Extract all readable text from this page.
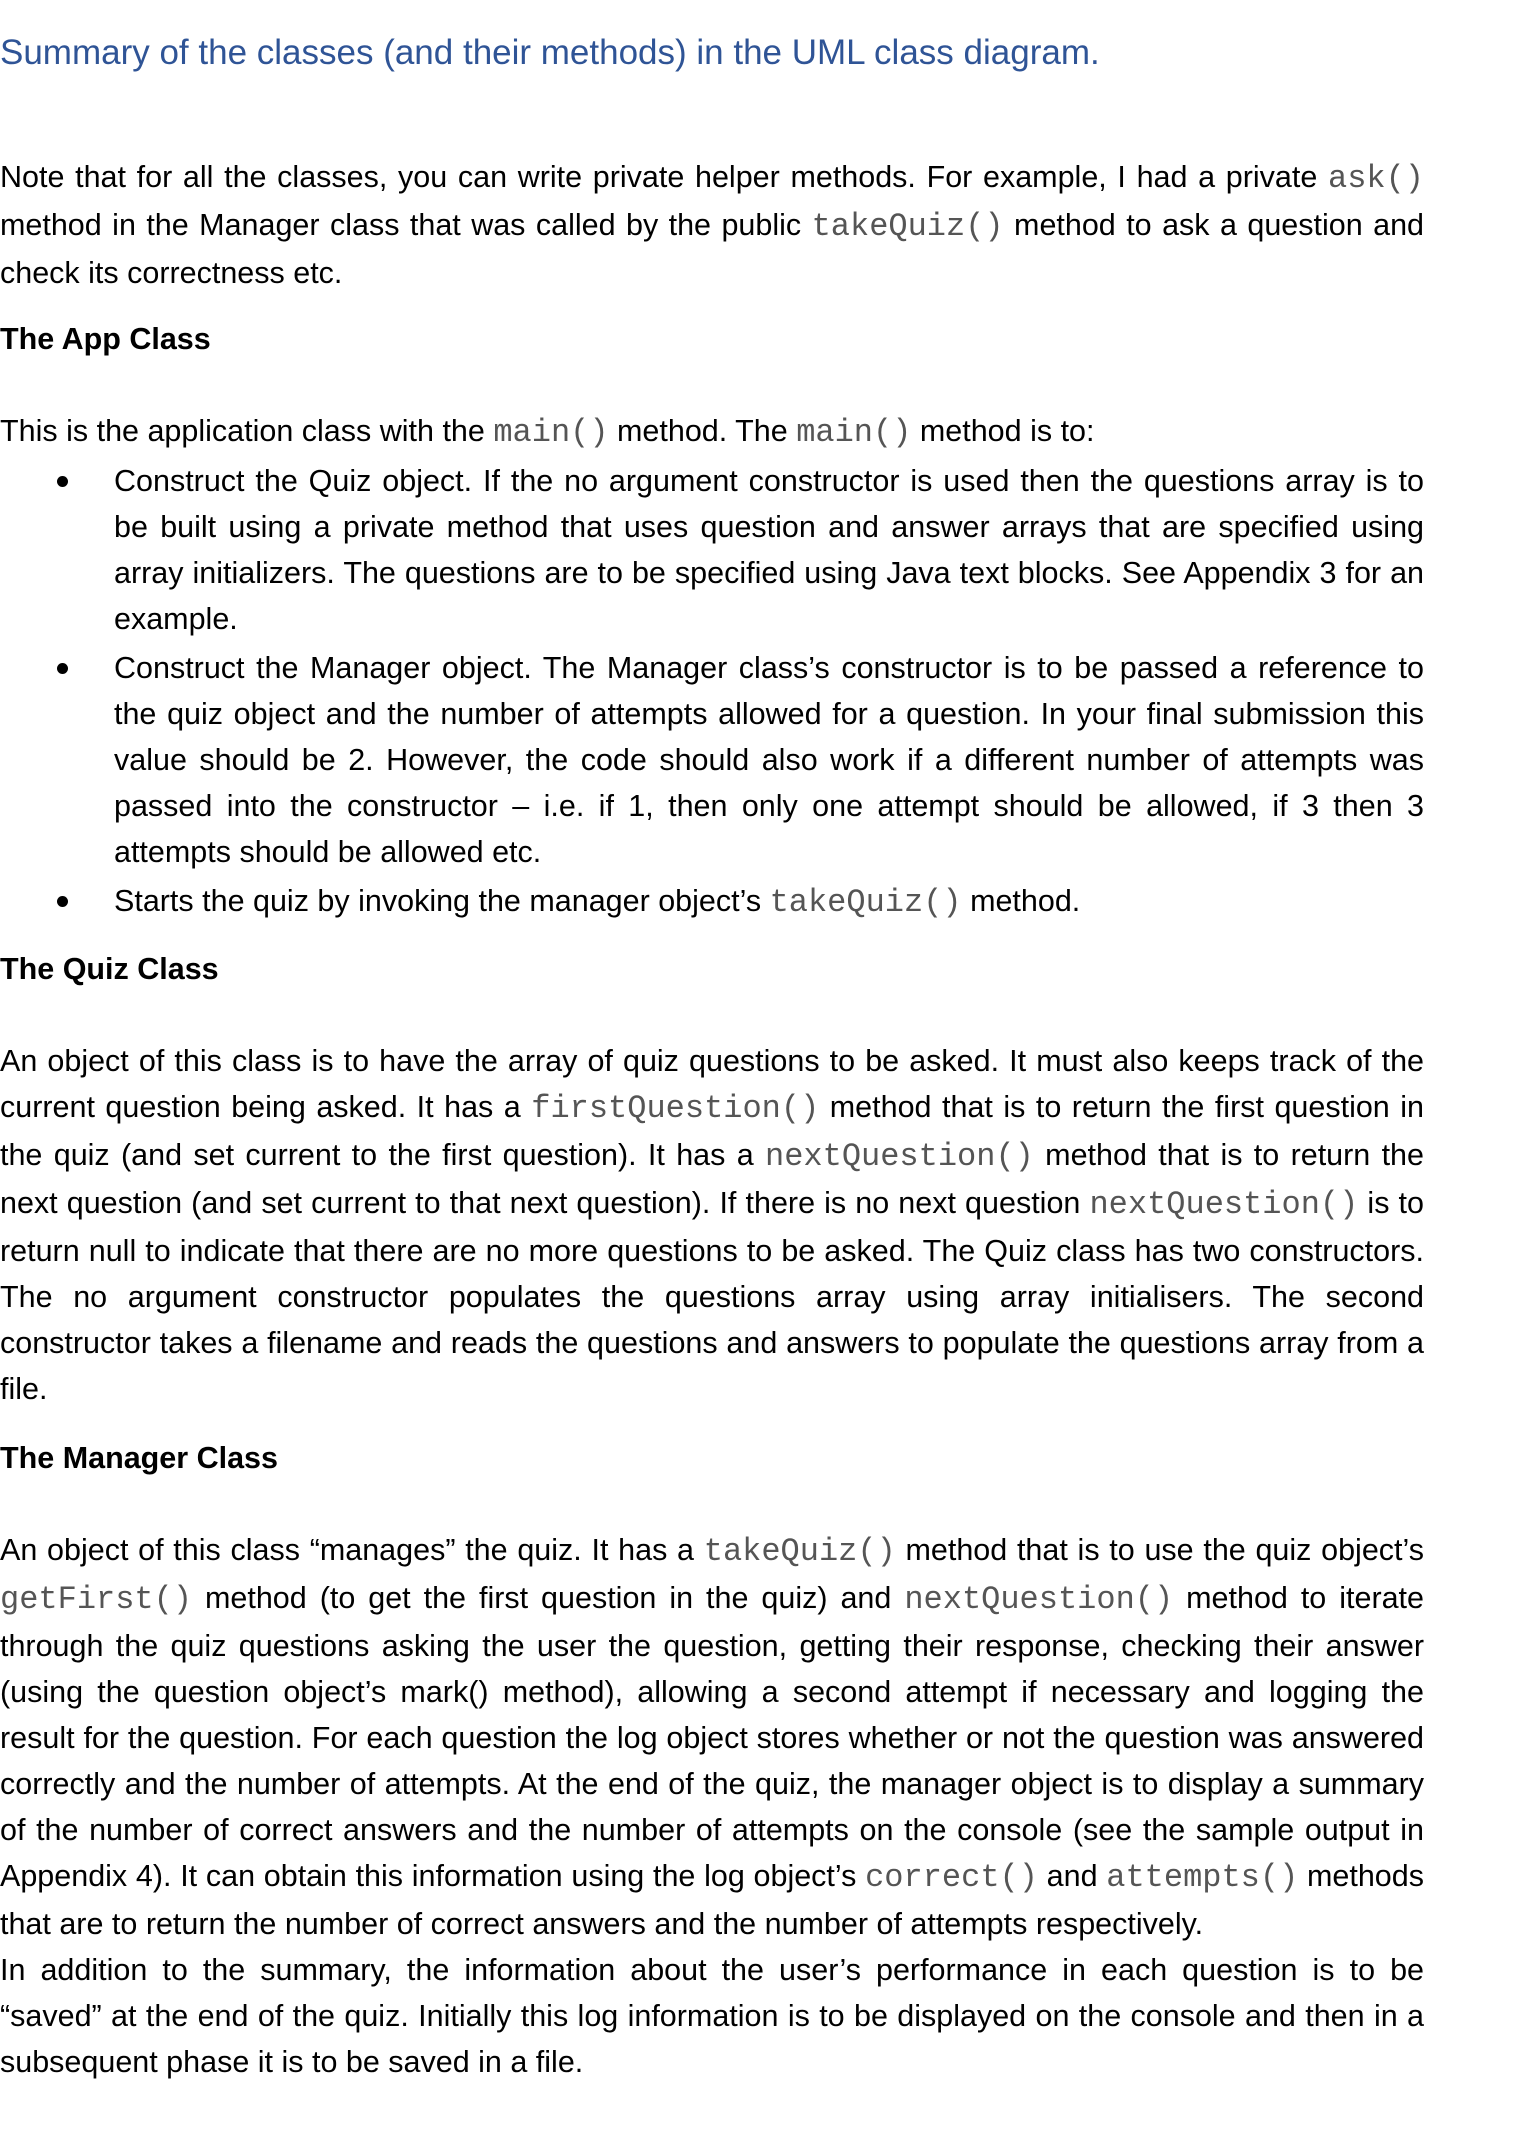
Summary of the classes (and their methods) in the UML class diagram.
Note that for all the classes, you can write private helper methods. For example, I had a private ask() method in the Manager class that was called by the public takeQuiz() method to ask a question and check its correctness etc.
The App Class
This is the application class with the main() method. The main() method is to:
Construct the Quiz object. If the no argument constructor is used then the questions array is to be built using a private method that uses question and answer arrays that are specified using array initializers. The questions are to be specified using Java text blocks. See Appendix 3 for an example.
Construct the Manager object. The Manager class’s constructor is to be passed a reference to the quiz object and the number of attempts allowed for a question. In your final submission this value should be 2. However, the code should also work if a different number of attempts was passed into the constructor – i.e. if 1, then only one attempt should be allowed, if 3 then 3 attempts should be allowed etc.
Starts the quiz by invoking the manager object’s takeQuiz() method.
The Quiz Class
An object of this class is to have the array of quiz questions to be asked. It must also keeps track of the current question being asked. It has a firstQuestion() method that is to return the first question in the quiz (and set current to the first question). It has a nextQuestion() method that is to return the next question (and set current to that next question). If there is no next question nextQuestion() is to return null to indicate that there are no more questions to be asked. The Quiz class has two constructors. The no argument constructor populates the questions array using array initialisers. The second constructor takes a filename and reads the questions and answers to populate the questions array from a file.
The Manager Class

An object of this class “manages” the quiz. It has a takeQuiz() method that is to use the quiz object’s getFirst() method (to get the first question in the quiz) and nextQuestion() method to iterate through the quiz questions asking the user the question, getting their response, checking their answer (using the question object’s mark() method), allowing a second attempt if necessary and logging the result for the question. For each question the log object stores whether or not the question was answered correctly and the number of attempts. At the end of the quiz, the manager object is to display a summary of the number of correct answers and the number of attempts on the console (see the sample output in Appendix 4). It can obtain this information using the log object’s correct() and attempts() methods that are to return the number of correct answers and the number of attempts respectively.

In addition to the summary, the information about the user’s performance in each question is to be “saved” at the end of the quiz. Initially this log information is to be displayed on the console and then in a subsequent phase it is to be saved in a file.
